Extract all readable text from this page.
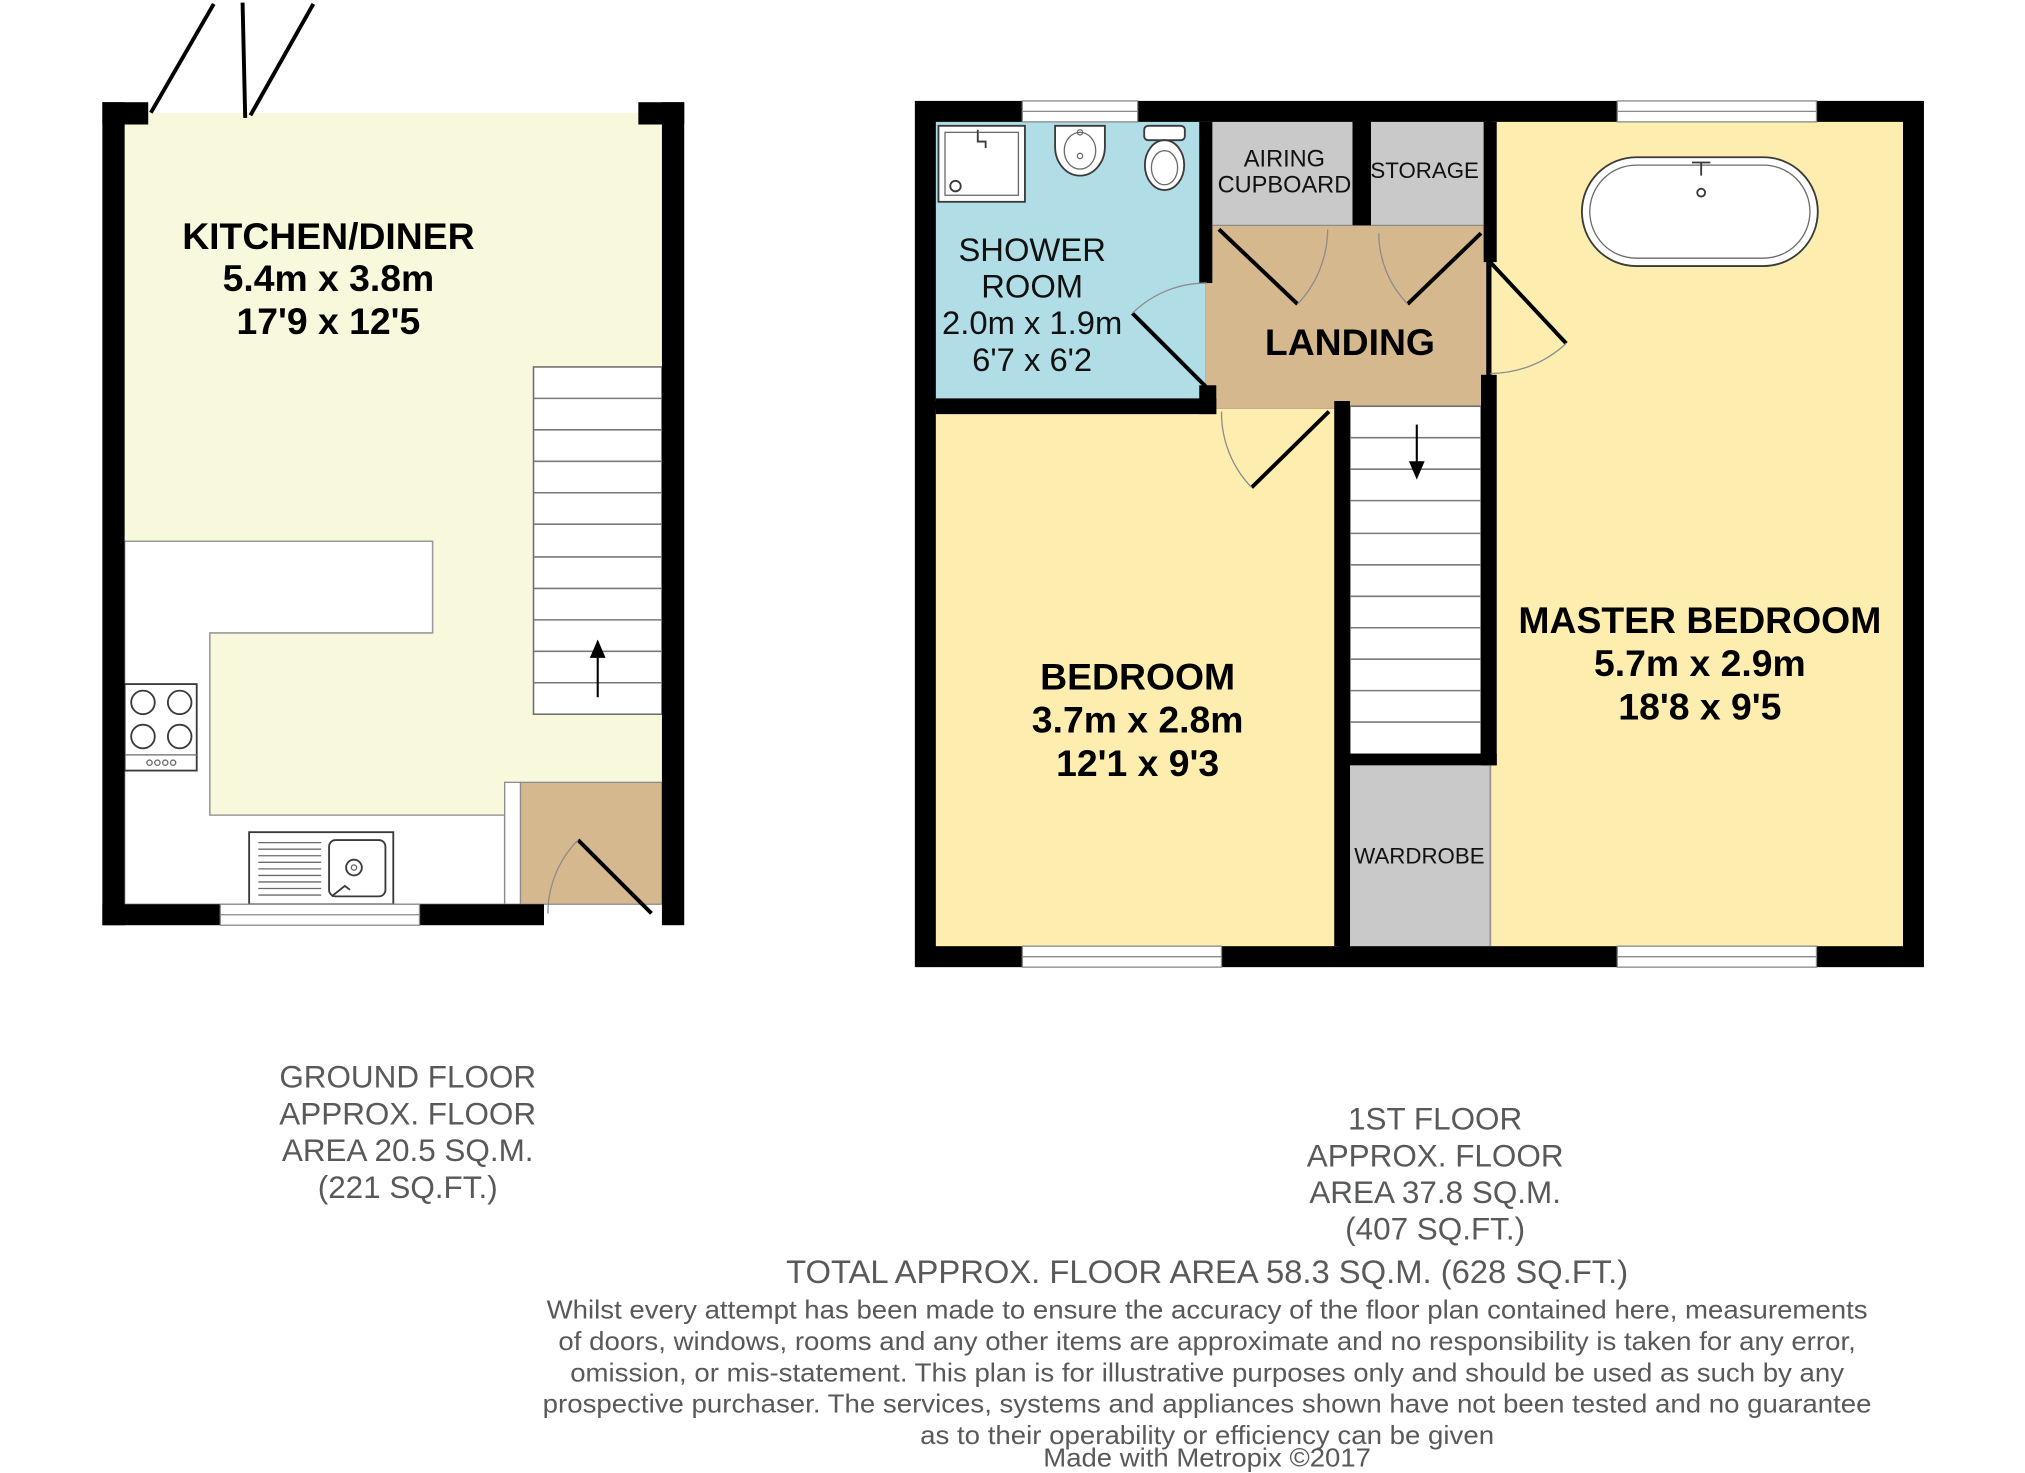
KITCHEN/DINER
5.4m x 3.8m
17'9 x 12'5
SHOWER
ROOM
2.0m x 1.9m
6'7 x 6'2
AIRING
CUPBOARD
STORAGE
LANDING
BEDROOM
3.7m x 2.8m
12'1 x 9'3
MASTER BEDROOM
5.7m x 2.9m
18'8 x 9'5
WARDROBE
GROUND FLOOR
APPROX. FLOOR
AREA 20.5 SQ.M.
(221 SQ.FT.)
1ST FLOOR
APPROX. FLOOR
AREA 37.8 SQ.M.
(407 SQ.FT.)
TOTAL APPROX. FLOOR AREA 58.3 SQ.M. (628 SQ.FT.)
Whilst every attempt has been made to ensure the accuracy of the floor plan contained here, measurements
of doors, windows, rooms and any other items are approximate and no responsibility is taken for any error,
omission, or mis-statement. This plan is for illustrative purposes only and should be used as such by any
prospective purchaser. The services, systems and appliances shown have not been tested and no guarantee
as to their operability or efficiency can be given
Made with Metropix ©2017
